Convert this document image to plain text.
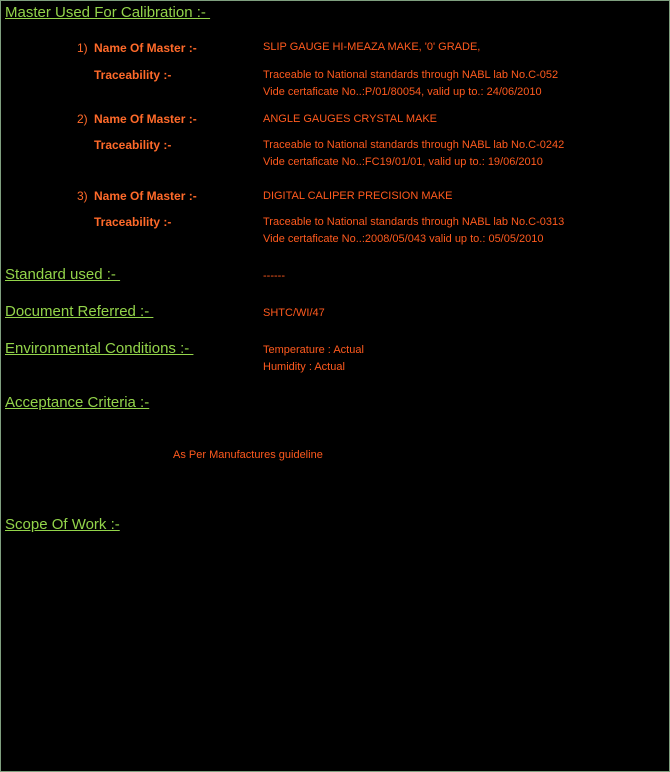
Master Used For Calibration :-
1) Name Of Master :-	SLIP GAUGE HI-MEAZA MAKE, '0' GRADE,
Traceability :-	Traceable to National standards through NABL lab No.C-052
Vide certaficate No..:P/01/80054, valid up to.: 24/06/2010
2) Name Of Master :-	ANGLE GAUGES CRYSTAL MAKE
Traceability :-	Traceable to National standards through NABL lab No.C-0242
Vide certaficate No..:FC19/01/01, valid up to.: 19/06/2010
3) Name Of Master :-	DIGITAL CALIPER PRECISION MAKE
Traceability :-	Traceable to National standards through NABL lab No.C-0313
Vide certaficate No..:2008/05/043 valid up to.: 05/05/2010
Standard used :-	------
Document Referred :-	SHTC/WI/47
Environmental Conditions :-	Temperature : Actual
Humidity : Actual
Acceptance Criteria :-
As Per Manufactures guideline
Scope Of Work :-
